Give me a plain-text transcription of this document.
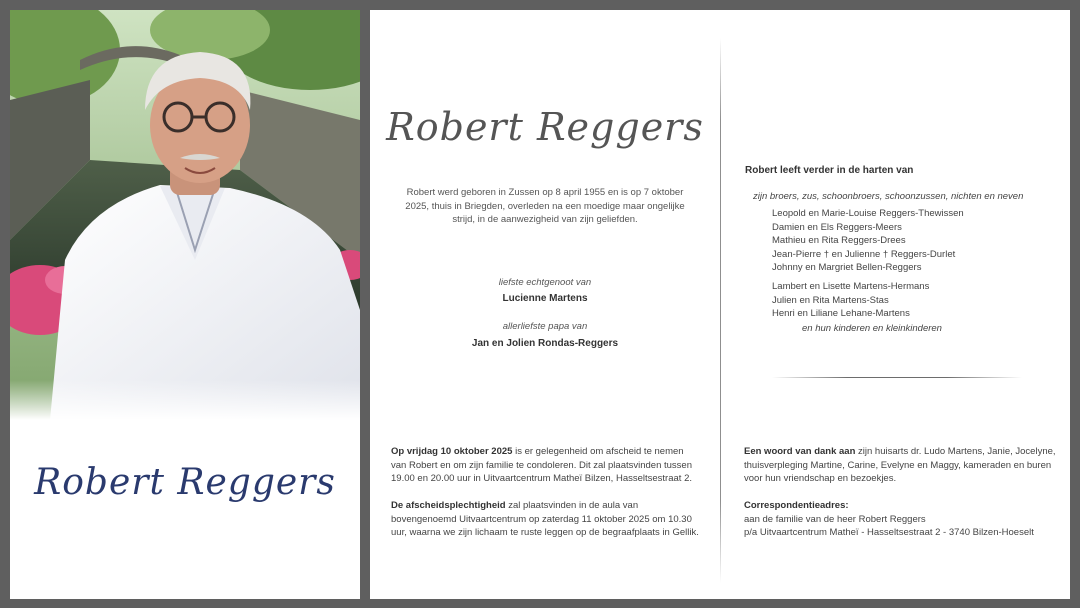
Robert Reggers
Robert Reggers
Robert werd geboren in Zussen op 8 april 1955 en is op 7 oktober 2025, thuis in Briegden, overleden na een moedige maar ongelijke strijd, in de aanwezigheid van zijn geliefden.
liefste echtgenoot van
Lucienne Martens
allerliefste papa van
Jan en Jolien Rondas-Reggers
Op vrijdag 10 oktober 2025 is er gelegenheid om afscheid te nemen van Robert en om zijn familie te condoleren. Dit zal plaatsvinden tussen 19.00 en 20.00 uur in Uitvaartcentrum Matheï Bilzen, Hasseltsestraat 2.
De afscheidsplechtigheid zal plaatsvinden in de aula van bovengenoemd Uitvaartcentrum op zaterdag 11 oktober 2025 om 10.30 uur, waarna we zijn lichaam te ruste leggen op de begraafplaats in Gellik.
Robert leeft verder in de harten van
zijn broers, zus, schoonbroers, schoonzussen, nichten en neven
Leopold en Marie-Louise Reggers-Thewissen
Damien en Els Reggers-Meers
Mathieu en Rita Reggers-Drees
Jean-Pierre † en Julienne † Reggers-Durlet
Johnny en Margriet Bellen-Reggers
Lambert en Lisette Martens-Hermans
Julien en Rita Martens-Stas
Henri en Liliane Lehane-Martens
en hun kinderen en kleinkinderen
Een woord van dank aan zijn huisarts dr. Ludo Martens, Janie, Jocelyne, thuisverpleging Martine, Carine, Evelyne en Maggy, kameraden en buren voor hun vriendschap en bezoekjes.
Correspondentieadres:
aan de familie van de heer Robert Reggers
p/a Uitvaartcentrum Matheï - Hasseltsestraat 2 - 3740 Bilzen-Hoeselt
